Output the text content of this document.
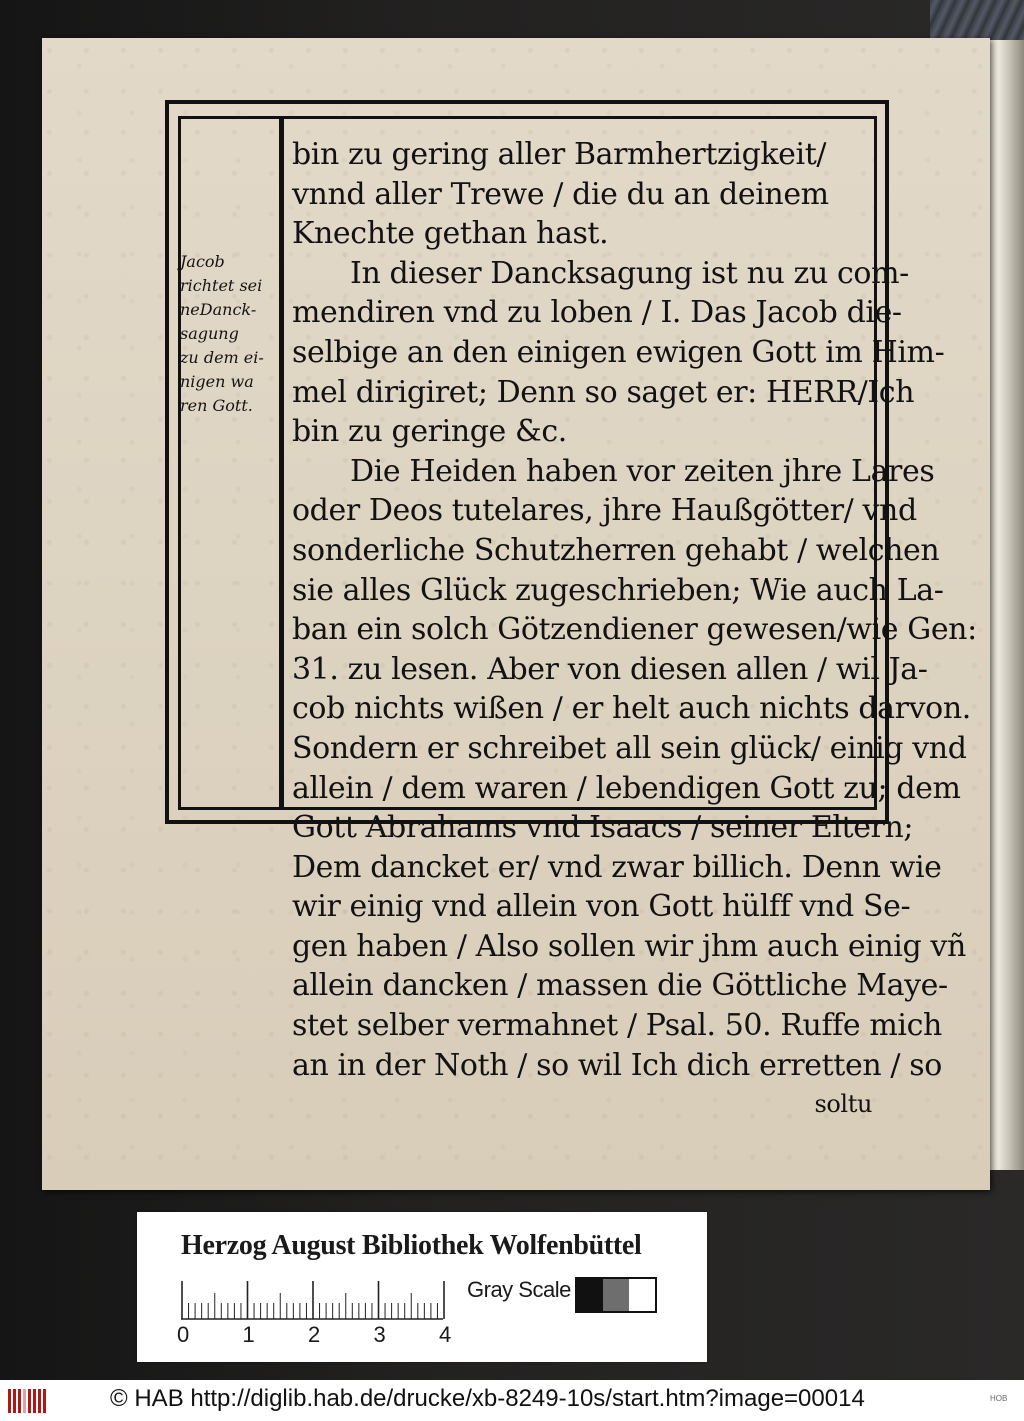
Jacob
richtet sei
neDanck-
sagung
zu dem ei-
nigen wa
ren Gott.
bin zu gering aller Barmhertzigkeit/
vnnd aller Trewe / die du an deinem
Knechte gethan hast.
In dieser Dancksagung ist nu zu com-
mendiren vnd zu loben / I. Das Jacob die-
selbige an den einigen ewigen Gott im Him-
mel dirigiret; Denn so saget er: HERR/Ich
bin zu geringe &c.
Die Heiden haben vor zeiten jhre Lares
oder Deos tutelares, jhre Haußgötter/ vnd
sonderliche Schutzherren gehabt / welchen
sie alles Glück zugeschrieben; Wie auch La-
ban ein solch Götzendiener gewesen/wie Gen:
31. zu lesen. Aber von diesen allen / wil Ja-
cob nichts wißen / er helt auch nichts darvon.
Sondern er schreibet all sein glück/ einig vnd
allein / dem waren / lebendigen Gott zu; dem
Gott Abrahams vnd Isaacs / seiner Eltern;
Dem dancket er/ vnd zwar billich. Denn wie
wir einig vnd allein von Gott hülff vnd Se-
gen haben / Also sollen wir jhm auch einig vñ
allein dancken / massen die Göttliche Maye-
stet selber vermahnet / Psal. 50. Ruffe mich
an in der Noth / so wil Ich dich erretten / so
soltu
Herzog August Bibliothek Wolfenbüttel
0 1 2 3 4
Gray Scale
© HAB http://diglib.hab.de/drucke/xb-8249-10s/start.htm?image=00014	HOB
